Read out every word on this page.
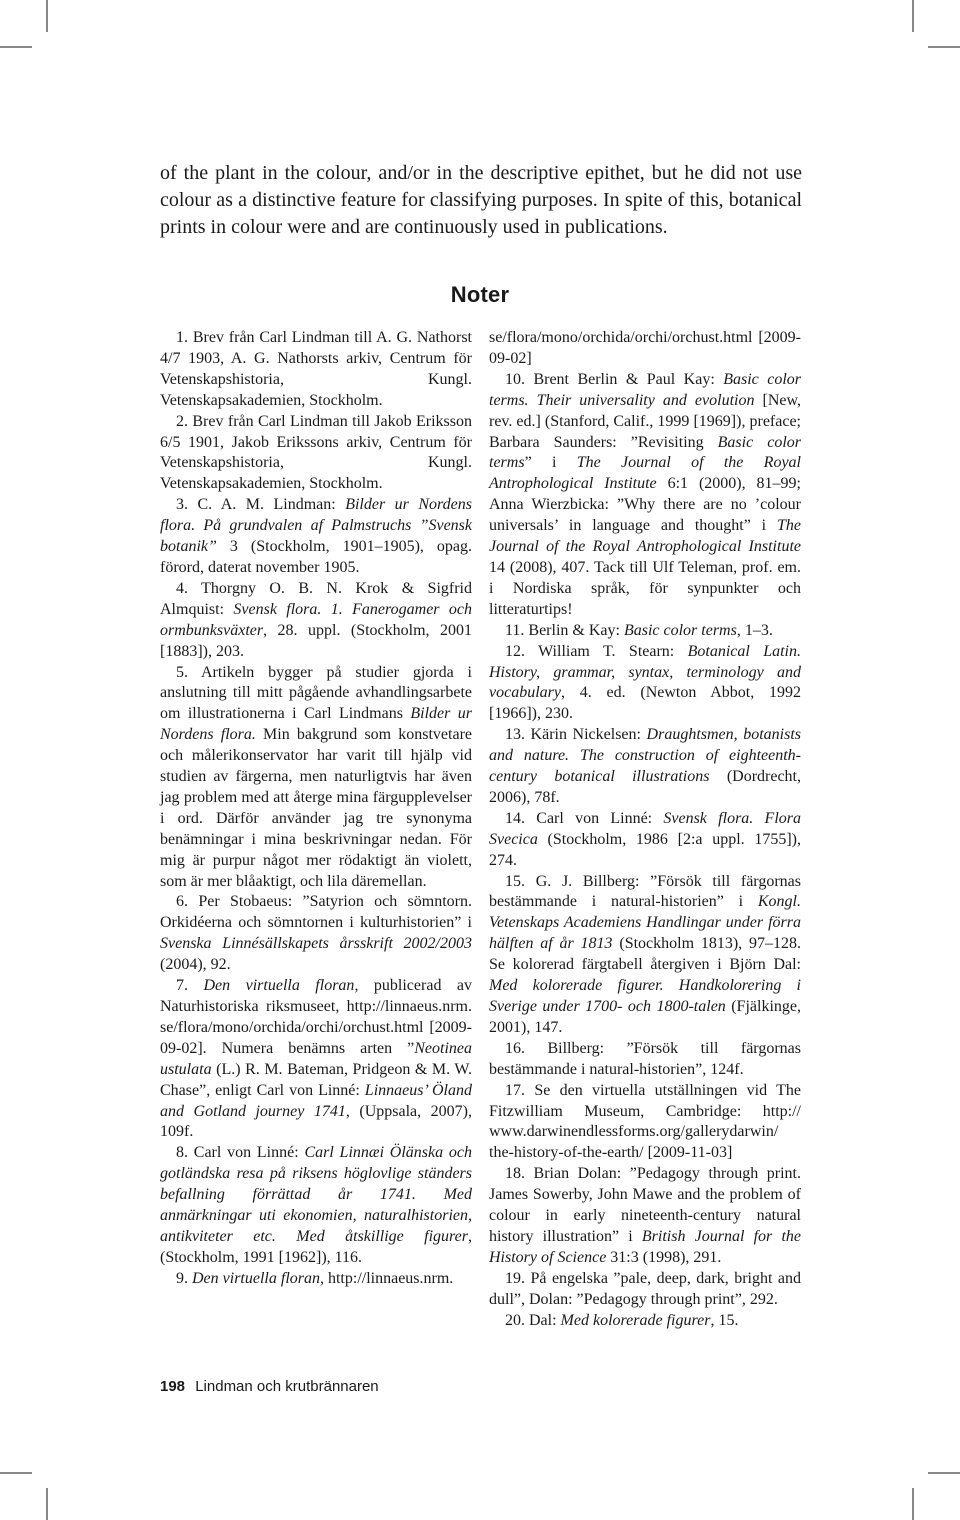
of the plant in the colour, and/or in the descriptive epithet, but he did not use colour as a distinctive feature for classifying purposes. In spite of this, botanical prints in colour were and are continuously used in publications.

Noter

1. Brev från Carl Lindman till A. G. Nathorst 4/7 1903, A. G. Nathorsts arkiv, Centrum för Vetenskapshistoria, Kungl. Vetenskapsakademien, Stockholm.

2. Brev från Carl Lindman till Jakob Eriksson 6/5 1901, Jakob Erikssons arkiv, Centrum för Vetenskapshistoria, Kungl. Vetenskapsakademien, Stockholm.

3. C. A. M. Lindman: Bilder ur Nordens flora. På grundvalen af Palmstruchs ”Svensk botanik” 3 (Stockholm, 1901–1905), opag. förord, daterat november 1905.

4. Thorgny O. B. N. Krok & Sigfrid Almquist: Svensk flora. 1. Fanerogamer och ormbunksväxter, 28. uppl. (Stockholm, 2001 [1883]), 203.

5. Artikeln bygger på studier gjorda i anslutning till mitt pågående avhandlingsarbete om illustrationerna i Carl Lindmans Bilder ur Nordens flora. Min bakgrund som konstvetare och målerikonservator har varit till hjälp vid studien av färgerna, men naturligtvis har även jag problem med att återge mina färgupplevelser i ord. Därför använder jag tre synonyma benämningar i mina beskrivningar nedan. För mig är purpur något mer rödaktigt än violett, som är mer blåaktigt, och lila däremellan.

6. Per Stobaeus: ”Satyrion och sömntorn. Orkidéerna och sömntornen i kulturhistorien” i Svenska Linnésällskapets årsskrift 2002/2003 (2004), 92.

7. Den virtuella floran, publicerad av Naturhistoriska riksmuseet, http://linnaeus.nrm. se/flora/mono/orchida/orchi/orchust.html [2009-09-02]. Numera benämns arten ”Neotinea ustulata (L.) R. M. Bateman, Pridgeon & M. W. Chase”, enligt Carl von Linné: Linnaeus’ Öland and Gotland journey 1741, (Uppsala, 2007), 109f.

8. Carl von Linné: Carl Linnæi Ölänska och gotländska resa på riksens höglovlige ständers befallning förrättad år 1741. Med anmärkningar uti ekonomien, naturalhistorien, antikviteter etc. Med åtskillige figurer, (Stockholm, 1991 [1962]), 116.

9. Den virtuella floran, http://linnaeus.nrm.

se/flora/mono/orchida/orchi/orchust.html [2009-09-02]

10. Brent Berlin & Paul Kay: Basic color terms. Their universality and evolution [New, rev. ed.] (Stanford, Calif., 1999 [1969]), preface; Barbara Saunders: ”Revisiting Basic color terms” i The Journal of the Royal Antrophological Institute 6:1 (2000), 81–99; Anna Wierzbicka: ”Why there are no ’colour universals’ in language and thought” i The Journal of the Royal Antrophological Institute 14 (2008), 407. Tack till Ulf Teleman, prof. em. i Nordiska språk, för synpunkter och litteraturtips!

11. Berlin & Kay: Basic color terms, 1–3.

12. William T. Stearn: Botanical Latin. History, grammar, syntax, terminology and vocabulary, 4. ed. (Newton Abbot, 1992 [1966]), 230.

13. Kärin Nickelsen: Draughtsmen, botanists and nature. The construction of eighteenth-century botanical illustrations (Dordrecht, 2006), 78f.

14. Carl von Linné: Svensk flora. Flora Svecica (Stockholm, 1986 [2:a uppl. 1755]), 274.

15. G. J. Billberg: ”Försök till färgornas bestämmande i natural-historien” i Kongl. Vetenskaps Academiens Handlingar under förra hälften af år 1813 (Stockholm 1813), 97–128. Se kolorerad färgtabell återgiven i Björn Dal: Med kolorerade figurer. Handkolorering i Sverige under 1700- och 1800-talen (Fjälkinge, 2001), 147.

16. Billberg: ”Försök till färgornas bestämmande i natural-historien”, 124f.

17. Se den virtuella utställningen vid The Fitzwilliam Museum, Cambridge: http:// www.darwinendlessforms.org/gallerydarwin/ the-history-of-the-earth/ [2009-11-03]

18. Brian Dolan: ”Pedagogy through print. James Sowerby, John Mawe and the problem of colour in early nineteenth-century natural history illustration” i British Journal for the History of Science 31:3 (1998), 291.

19. På engelska ”pale, deep, dark, bright and dull”, Dolan: ”Pedagogy through print”, 292.

20. Dal: Med kolorerade figurer, 15.

198 Lindman och krutbrännaren
